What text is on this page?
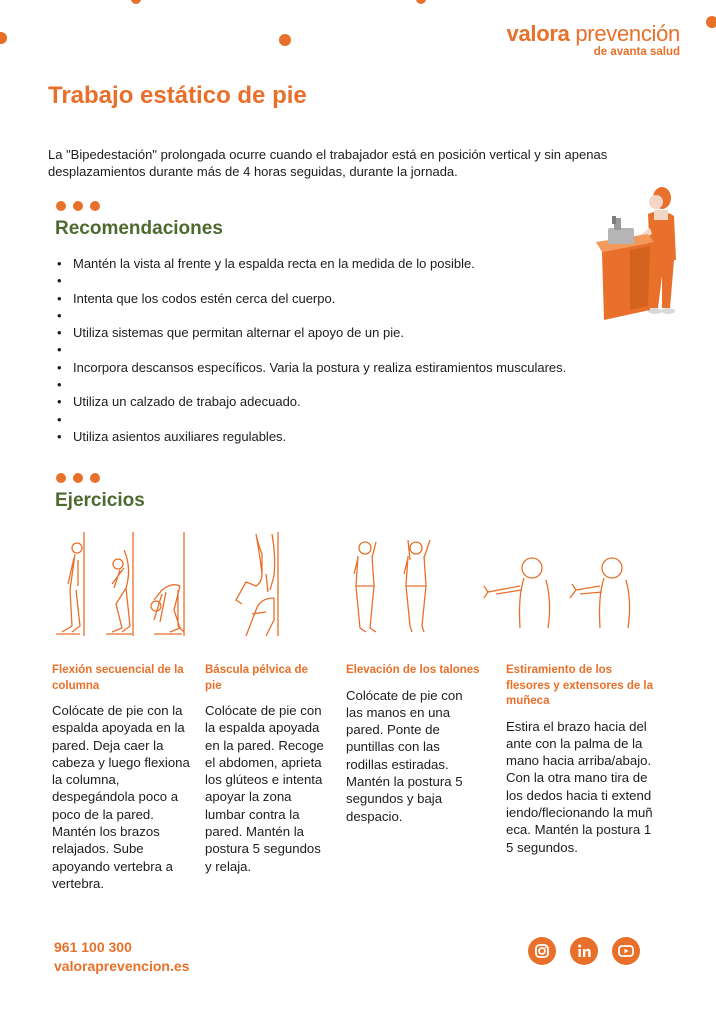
valora prevención
de avanta salud
Trabajo estático de pie

La "Bipedestación" prolongada ocurre cuando el trabajador está en posición vertical y sin apenas desplazamientos durante más de 4 horas seguidas, durante la jornada.

Recomendaciones
• Mantén la vista al frente y la espalda recta en la medida de lo posible.
•
• Intenta que los codos estén cerca del cuerpo.
•
• Utiliza sistemas que permitan alternar el apoyo de un pie.
•
• Incorpora descansos específicos. Varia la postura y realiza estiramientos musculares.
•
• Utiliza un calzado de trabajo adecuado.
•
• Utiliza asientos auxiliares regulables.
Ejercicios

Flexión secuencial de la columna

Colócate de pie con la espalda apoyada en la pared. Deja caer la cabeza y luego flexiona la columna, despegándola poco a poco de la pared. Mantén los brazos relajados. Sube apoyando vertebra a vertebra.

Báscula pélvica de pie

Colócate de pie con la espalda apoyada en la pared. Recoge el abdomen, aprieta los glúteos e intenta apoyar la zona lumbar contra la pared. Mantén la postura 5 segundos y relaja.

Elevación de los talones

Colócate de pie con las manos en una pared. Ponte de puntillas con las rodillas estiradas. Mantén la postura 5 segundos y baja despacio.

Estiramiento de los flesores y extensores de la muñeca

Estira el brazo hacia delante con la palma de la mano hacia arriba/abajo. Con la otra mano tira de los dedos hacia ti extendiendo/flecionando la muñeca. Mantén la postura 15 segundos.

961 100 300
valoraprevencion.es
